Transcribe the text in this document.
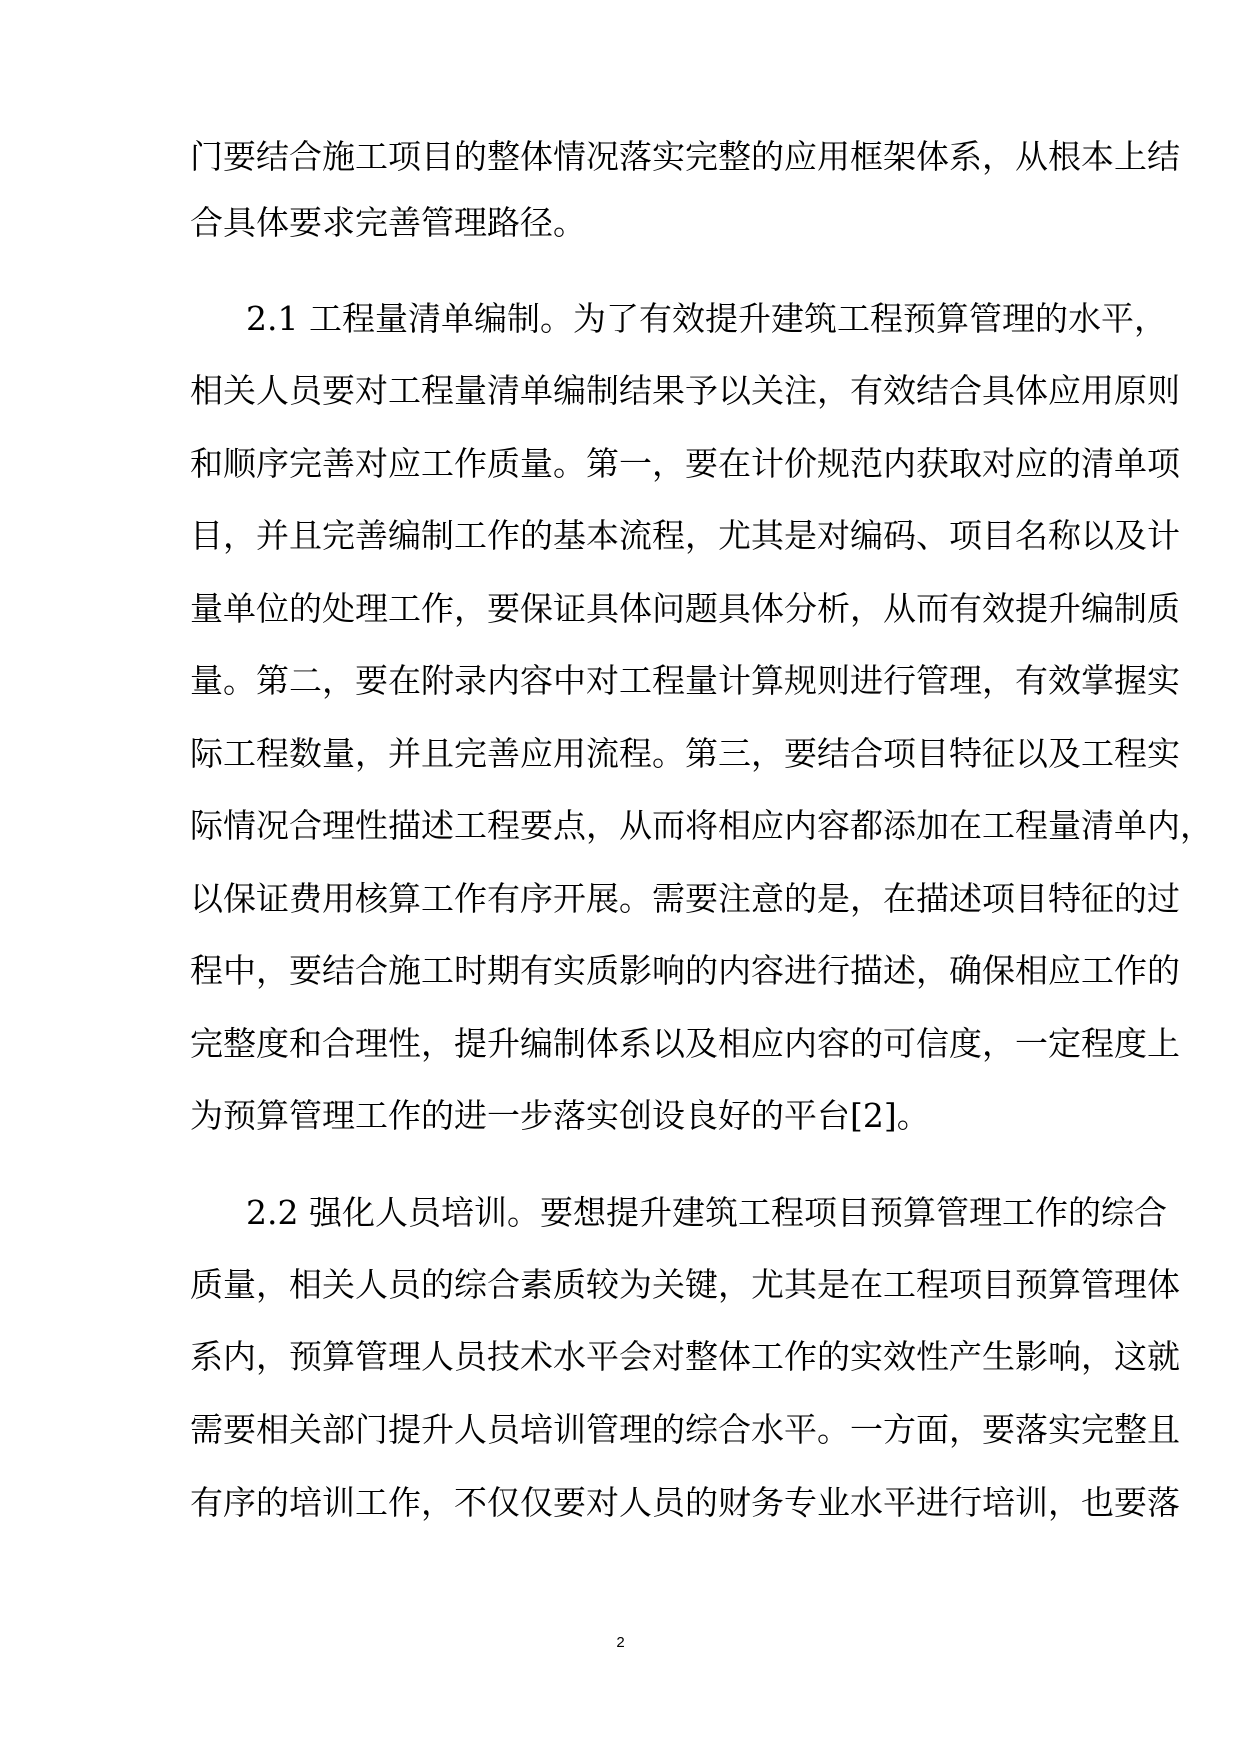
门要结合施工项目的整体情况落实完整的应用框架体系，从根本上结
合具体要求完善管理路径。
2.1 工程量清单编制。为了有效提升建筑工程预算管理的水平，
相关人员要对工程量清单编制结果予以关注，有效结合具体应用原则
和顺序完善对应工作质量。第一，要在计价规范内获取对应的清单项
目，并且完善编制工作的基本流程，尤其是对编码、项目名称以及计
量单位的处理工作，要保证具体问题具体分析，从而有效提升编制质
量。第二，要在附录内容中对工程量计算规则进行管理，有效掌握实
际工程数量，并且完善应用流程。第三，要结合项目特征以及工程实
际情况合理性描述工程要点，从而将相应内容都添加在工程量清单内，
以保证费用核算工作有序开展。需要注意的是，在描述项目特征的过
程中，要结合施工时期有实质影响的内容进行描述，确保相应工作的
完整度和合理性，提升编制体系以及相应内容的可信度，一定程度上
为预算管理工作的进一步落实创设良好的平台[2]。
2.2 强化人员培训。要想提升建筑工程项目预算管理工作的综合
质量，相关人员的综合素质较为关键，尤其是在工程项目预算管理体
系内，预算管理人员技术水平会对整体工作的实效性产生影响，这就
需要相关部门提升人员培训管理的综合水平。一方面，要落实完整且
有序的培训工作，不仅仅要对人员的财务专业水平进行培训，也要落
2
